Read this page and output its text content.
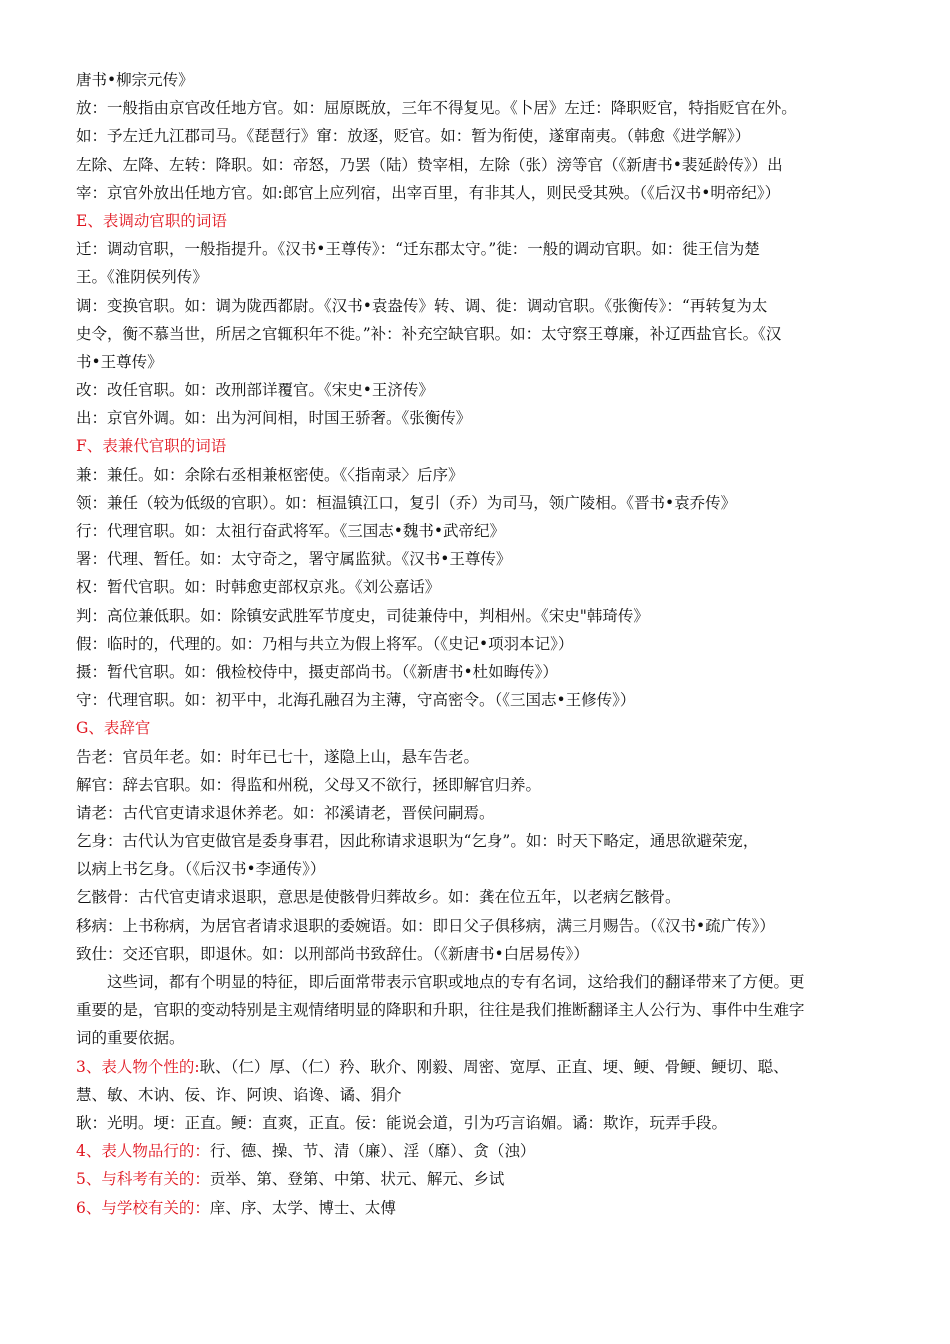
唐书•柳宗元传》
放：一般指由京官改任地方官。如：屈原既放，三年不得复见。《卜居》左迁：降职贬官，特指贬官在外。
如：予左迁九江郡司马。《琵琶行》窜：放逐，贬官。如：暂为衔使，遂窜南夷。（韩愈《进学解》）
左除、左降、左转：降职。如：帝怒，乃罢（陆）贽宰相，左除（张）滂等官（《新唐书•裴延龄传》）出
宰：京官外放出任地方官。如:郎官上应列宿，出宰百里，有非其人，则民受其殃。（《后汉书•明帝纪》）
E、表调动官职的词语
迁：调动官职，一般指提升。《汉书•王尊传》：“迁东郡太守。”徙：一般的调动官职。如：徙王信为楚
王。《淮阴侯列传》
调：变换官职。如：调为陇西都尉。《汉书•袁盎传》转、调、徙：调动官职。《张衡传》：“再转复为太
史令，衡不慕当世，所居之官辄积年不徙。”补：补充空缺官职。如：太守察王尊廉，补辽西盐官长。《汉
书•王尊传》
改：改任官职。如：改刑部详覆官。《宋史•王济传》
出：京官外调。如：出为河间相，时国王骄奢。《张衡传》
F、表兼代官职的词语
兼：兼任。如：余除右丞相兼枢密使。《〈指南录〉后序》
领：兼任（较为低级的官职）。如：桓温镇江口，复引（乔）为司马，领广陵相。《晋书•袁乔传》
行：代理官职。如：太祖行奋武将军。《三国志•魏书•武帝纪》
署：代理、暂任。如：太守奇之，署守属监狱。《汉书•王尊传》
权：暂代官职。如：时韩愈吏部权京兆。《刘公嘉话》
判：高位兼低职。如：除镇安武胜军节度史，司徒兼侍中，判相州。《宋史"韩琦传》
假：临时的，代理的。如：乃相与共立为假上将军。（《史记•项羽本记》）
摄：暂代官职。如：俄检校侍中，摄吏部尚书。（《新唐书•杜如晦传》）
守：代理官职。如：初平中，北海孔融召为主薄，守高密令。（《三国志•王修传》）
G、表辞官
告老：官员年老。如：时年已七十，遂隐上山，悬车告老。
解官：辞去官职。如：得监和州税，父母又不欲行，拯即解官归养。
请老：古代官吏请求退休养老。如：祁溪请老，晋侯问嗣焉。
乞身：古代认为官吏做官是委身事君，因此称请求退职为“乞身”。如：时天下略定，通思欲避荣宠，
以病上书乞身。（《后汉书•李通传》）
乞骸骨：古代官吏请求退职，意思是使骸骨归葬故乡。如：龚在位五年，以老病乞骸骨。
移病：上书称病，为居官者请求退职的委婉语。如：即日父子俱移病，满三月赐告。（《汉书•疏广传》）
致仕：交还官职，即退休。如：以刑部尚书致辞仕。（《新唐书•白居易传》）
这些词，都有个明显的特征，即后面常带表示官职或地点的专有名词，这给我们的翻译带来了方便。更
重要的是，官职的变动特别是主观情绪明显的降职和升职，往往是我们推断翻译主人公行为、事件中生难字
词的重要依据。
3、表人物个性的:耿、（仁）厚、（仁）矜、耿介、刚毅、周密、宽厚、正直、埂、鲠、骨鲠、鲠切、聪、
慧、敏、木讷、佞、诈、阿谀、谄谗、谲、狷介
耿：光明。埂：正直。鲠：直爽，正直。佞：能说会道，引为巧言谄媚。谲：欺诈，玩弄手段。
4、表人物品行的：行、德、操、节、清（廉）、淫（靡）、贪（浊）
5、与科考有关的：贡举、第、登第、中第、状元、解元、乡试
6、与学校有关的：庠、序、太学、博士、太傅
